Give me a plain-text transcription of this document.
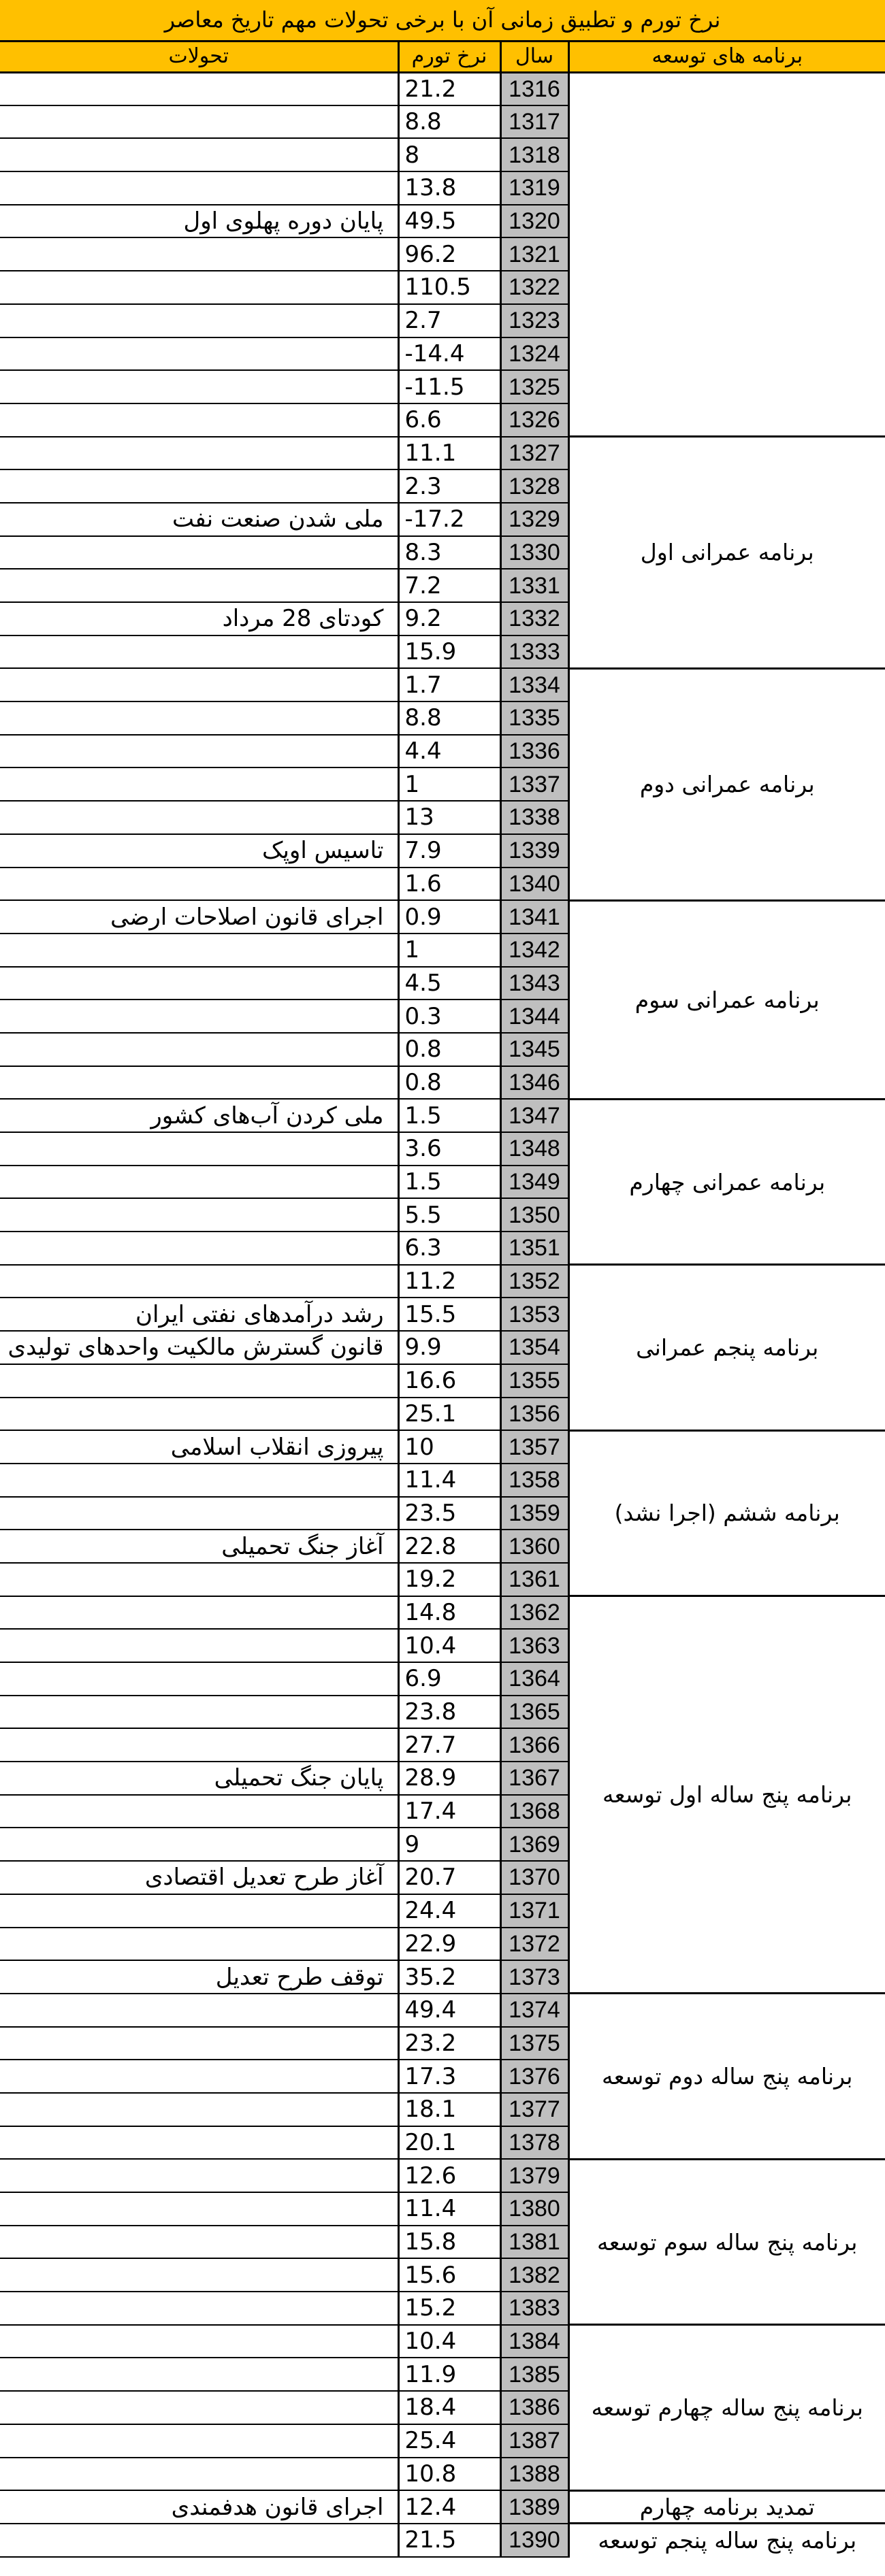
نرخ تورم و تطبیق زمانی آن با برخی تحولات مهم تاریخ معاصر			
تحولات	نرخ تورم	سال	برنامه های توسعه
	21.2	1316	
	8.8	1317	
	8	1318	
	13.8	1319	
پایان دوره پهلوی اول	49.5	1320	
	96.2	1321	
	110.5	1322	
	2.7	1323	
	-14.4	1324	
	-11.5	1325	
	6.6	1326	
	11.1	1327	برنامه عمرانی اول
	2.3	1328	
ملی شدن صنعت نفت	-17.2	1329	
	8.3	1330	
	7.2	1331	
کودتای 28 مرداد	9.2	1332	
	15.9	1333	
	1.7	1334	برنامه عمرانی دوم
	8.8	1335	
	4.4	1336	
	1	1337	
	13	1338	
تاسیس اوپک	7.9	1339	
	1.6	1340	
اجرای قانون اصلاحات ارضی	0.9	1341	برنامه عمرانی سوم
	1	1342	
	4.5	1343	
	0.3	1344	
	0.8	1345	
	0.8	1346	
ملی کردن آب‌های کشور	1.5	1347	برنامه عمرانی چهارم
	3.6	1348	
	1.5	1349	
	5.5	1350	
	6.3	1351	
	11.2	1352	برنامه پنجم عمرانی
رشد درآمدهای نفتی ایران	15.5	1353	
قانون گسترش مالکیت واحدهای تولیدی	9.9	1354	
	16.6	1355	
	25.1	1356	
پیروزی انقلاب اسلامی	10	1357	برنامه ششم (اجرا نشد)
	11.4	1358	
	23.5	1359	
آغاز جنگ تحمیلی	22.8	1360	
	19.2	1361	
	14.8	1362	برنامه پنج ساله اول توسعه
	10.4	1363	
	6.9	1364	
	23.8	1365	
	27.7	1366	
پایان جنگ تحمیلی	28.9	1367	
	17.4	1368	
	9	1369	
آغاز طرح تعدیل اقتصادی	20.7	1370	
	24.4	1371	
	22.9	1372	
توقف طرح تعدیل	35.2	1373	
	49.4	1374	برنامه پنج ساله دوم توسعه
	23.2	1375	
	17.3	1376	
	18.1	1377	
	20.1	1378	
	12.6	1379	برنامه پنج ساله سوم توسعه
	11.4	1380	
	15.8	1381	
	15.6	1382	
	15.2	1383	
	10.4	1384	برنامه پنج ساله چهارم توسعه
	11.9	1385	
	18.4	1386	
	25.4	1387	
	10.8	1388	
اجرای قانون هدفمندی	12.4	1389	تمدید برنامه چهارم
	21.5	1390	برنامه پنج ساله پنجم توسعه
